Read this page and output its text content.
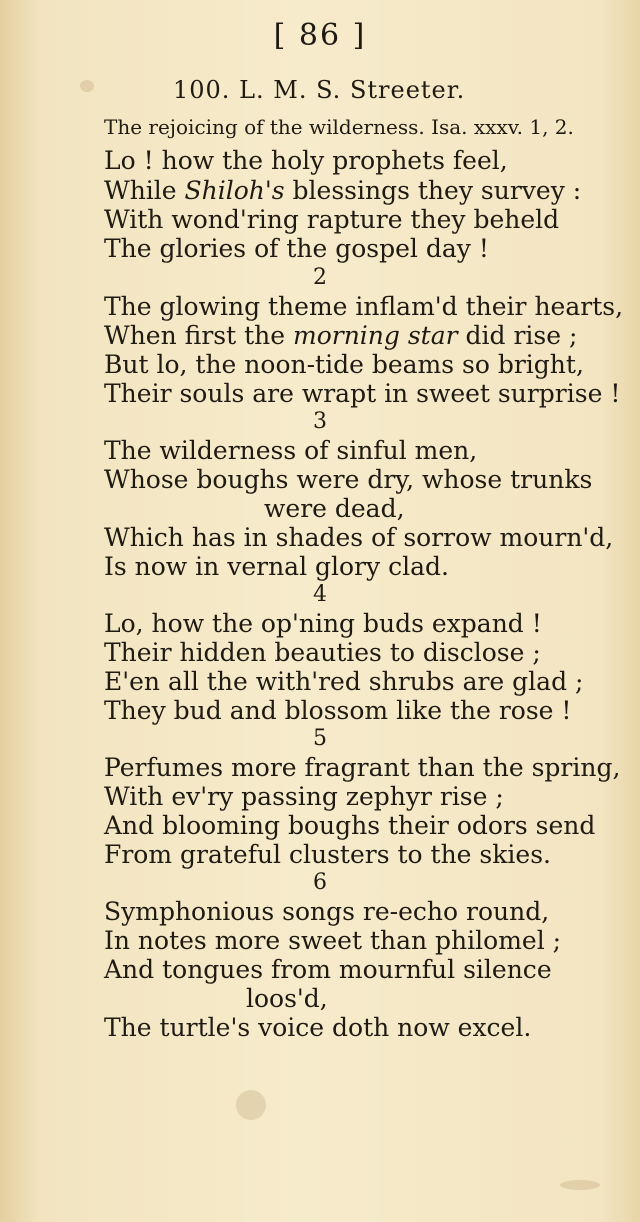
[ 86 ]

100. L. M. S. Streeter.

The rejoicing of the wilderness. Isa. xxxv. 1, 2.

Lo ! how the holy prophets feel,

While Shiloh's blessings they survey :

With wond'ring rapture they beheld

The glories of the gospel day !

2

The glowing theme inflam'd their hearts,

When first the morning star did rise ;

But lo, the noon-tide beams so bright,

Their souls are wrapt in sweet surprise !

3

The wilderness of sinful men,

Whose boughs were dry, whose trunks

were dead,

Which has in shades of sorrow mourn'd,

Is now in vernal glory clad.

4

Lo, how the op'ning buds expand !

Their hidden beauties to disclose ;

E'en all the with'red shrubs are glad ;

They bud and blossom like the rose !

5

Perfumes more fragrant than the spring,

With ev'ry passing zephyr rise ;

And blooming boughs their odors send

From grateful clusters to the skies.

6

Symphonious songs re-echo round,

In notes more sweet than philomel ;

And tongues from mournful silence

loos'd,

The turtle's voice doth now excel.
